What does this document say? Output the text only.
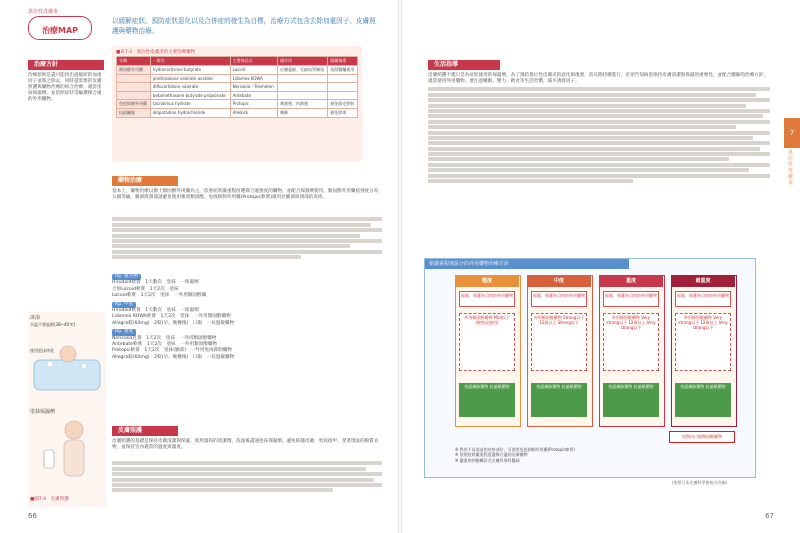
異位性皮膚炎
治療MAP
以緩解症狀、預防症狀惡化以及合併症的發生為目標，治療方式包含去除加重因子、皮膚照護與藥物治療。
治療方針
治療原則是盡可能找出過敏原的加重因子並將之除去，同時還需要的皮膚照護與藥物治療的組合治療。適當塗抹保濕劑，並依照症狀等級選擇合適的外用藥物。
■表7-3　異位性皮膚炎的主要治療藥物
分類	一般名	主要商品名	副作用	服藥指導
類固醇外用藥	hydrocortisone butyrate	Locoid	皮膚萎縮、毛細血管擴張	依照醫囑使用
	prednisolone valerate acetate	Lidomex KOWA		
	diflucortolone valerate	Nerisona・Texmeten		
	betamethasone butyrate propionate	Antebate		
免疫抑制外用藥	tacrolimus hydrate	Protopic	刺激感、灼熱感	避免陽光照射
抗組織胺	olopatadine hydrochloride	Allelock	嗜睡	避免開車
藥物治療
基本上，藥物治療以擦上類固醇外用藥為主，依照症狀嚴重程度選擇合適強度的藥物，並配合保濕劑使用。類固醇外用藥依強度分為五個等級，臉部與頸部請避免使用強效類固醇。免疫抑制外用藥(Protopic軟膏)適用於臉部與頸部的皮疹。
Rp. 處方例
Hirudoid軟膏　1天數次　塗抹　一保濕劑
合併Locoid軟膏　1天2次　塗抹
Locoid軟膏　1天2次　塗抹　一外用類固醇藥
Rp. 中度
Hirudoid軟膏　1天數次　塗抹　一保濕劑
Lidomex KOWA軟膏　1天2次　塗抹　一外用類固醇藥物
Allegra錠(60mg)　2錠(早、晚餐後)　口服　一抗過敏藥物
Rp. 重度
Nerisona乳膏　1天2次　塗抹　一外用類固醇藥物
Antebate軟膏　1天2次　塗抹　一外用類固醇藥物
Protopic軟膏　1天2次　塗抹(臉部)　一外用免疫抑制藥物
Allegra錠(60mg)　2錠(早、晚餐後)　口服　一抗過敏藥物
沐浴
水溫不要過熱(38~40℃)
使用泡沫沖洗
塗抹保濕劑
■圖7-4　皮膚照護
皮膚照護
皮膚照護的基礎是保持皮膚清潔與保濕，使用溫和的清潔劑，洗澡後盡速塗抹保濕劑。避免抓搔皮膚，剪短指甲，穿著透氣的棉質衣物，並保持室內適當的溫度與濕度。
66
生活指導
皮膚照護不僅只是為症狀使用的保濕劑，為了預防異位性皮膚炎的惡化與復發，需長期持續進行。必須告知病患保持皮膚清潔與保濕的重要性，並配合醫師的治療方針，適當使用外用藥物。要注意睡眠、壓力、飲食等生活習慣，減少誘發因子。
7
異位性皮膚炎
依嚴重程度區分的外用藥物治療方針
輕度
保濕、保護為目的的外用藥物
外用類固醇藥物 Mild以下 (視狀況使用)
抗組織胺藥物 抗過敏藥物
中度
保濕、保護為目的的外用藥物
外用類固醇藥物 Strong以下 12歲以上 Strong以下
抗組織胺藥物 抗過敏藥物
重度
保濕、保護為目的的外用藥物
外用類固醇藥物 Very strong以下 12歲以上 Very strong以下
抗組織胺藥物 抗過敏藥物
最重度
保濕、保護為目的的外用藥物
外用類固醇藥物 Very strong以下 12歲以上 Very strong以下
抗組織胺藥物 抗過敏藥物
短期內口服類固醇藥物
※ 對於不易消退的皮疹部位，可使用免疫抑制外用藥(Protopic軟膏)
※ 依照症狀嚴重程度選擇合適的治療藥物
※ 嚴重病例應轉診至皮膚科專科醫師
(依照日本皮膚科學會指引改編)
67
